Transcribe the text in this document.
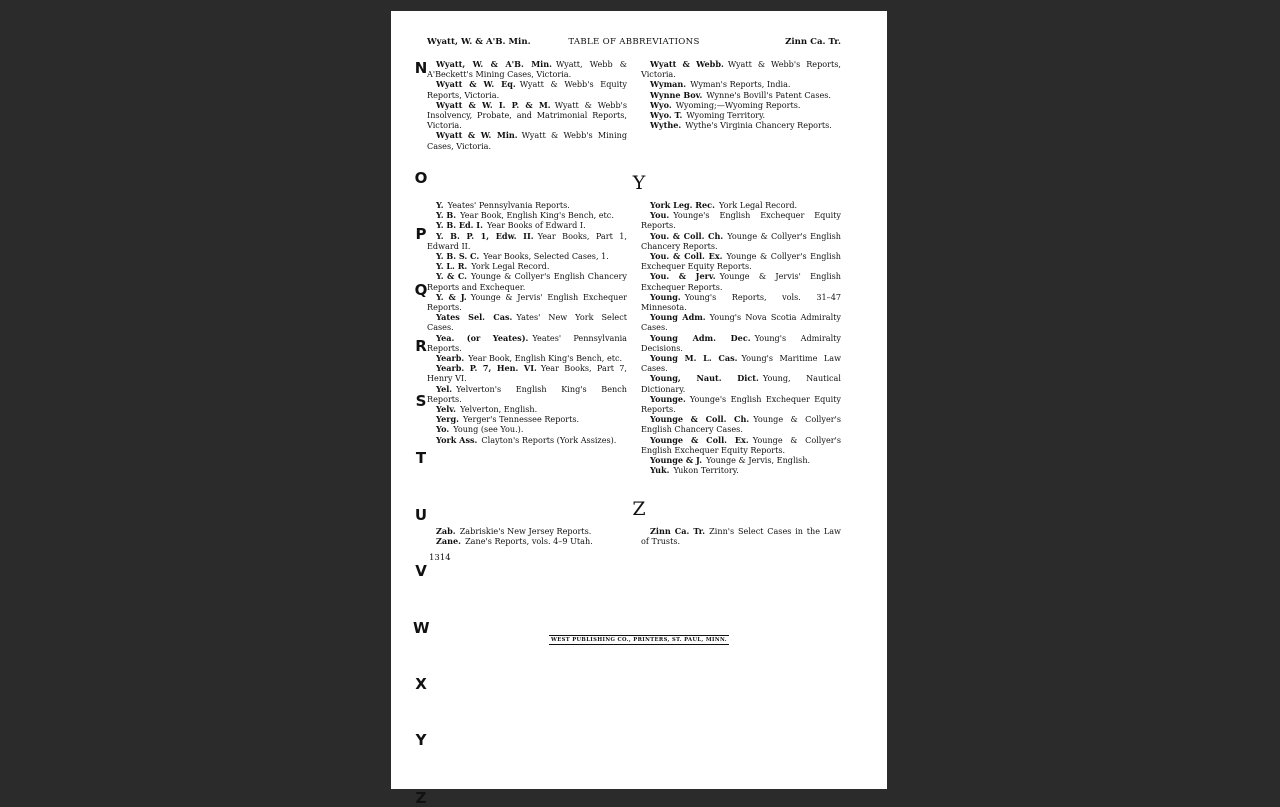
Wyatt, W. & A'B. Min.	TABLE OF ABBREVIATIONS	Zinn Ca. Tr.
N
O
P
Q
R
S
T
U
V
W
X
Y
Z

Wyatt, W. & A'B. Min.  Wyatt, Webb & A'Beckett's Mining Cases, Victoria.

Wyatt & W. Eq.  Wyatt & Webb's Equity Reports, Victoria.

Wyatt & W. I. P. & M.  Wyatt & Webb's Insolvency, Probate, and Matrimonial Reports, Victoria.

Wyatt & W. Min.  Wyatt & Webb's Mining Cases, Victoria.

Wyatt & Webb.  Wyatt & Webb's Reports, Victoria.

Wyman.  Wyman's Reports, India.

Wynne Bov.  Wynne's Bovill's Patent Cases.

Wyo.  Wyoming;—Wyoming Reports.

Wyo. T.  Wyoming Territory.

Wythe.  Wythe's Virginia Chancery Reports.

Y

Y.  Yeates' Pennsylvania Reports.

Y. B.  Year Book, English King's Bench, etc.

Y. B. Ed. I.  Year Books of Edward I.

Y. B. P. 1, Edw. II.  Year Books, Part 1, Edward II.

Y. B. S. C.  Year Books, Selected Cases, 1.

Y. L. R.  York Legal Record.

Y. & C.  Younge & Collyer's English Chancery Reports and Exchequer.

Y. & J.  Younge & Jervis' English Exchequer Reports.

Yates Sel. Cas.  Yates' New York Select Cases.

Yea. (or Yeates).  Yeates' Pennsylvania Reports.

Yearb.  Year Book, English King's Bench, etc.

Yearb. P. 7, Hen. VI.  Year Books, Part 7, Henry VI.

Yel.  Yelverton's English King's Bench Reports.

Yelv.  Yelverton, English.

Yerg.  Yerger's Tennessee Reports.

Yo.  Young (see You.).

York Ass.  Clayton's Reports (York Assizes).

York Leg. Rec.  York Legal Record.

You.  Younge's English Exchequer Equity Reports.

You. & Coll. Ch.  Younge & Collyer's English Chancery Reports.

You. & Coll. Ex.  Younge & Collyer's English Exchequer Equity Reports.

You. & Jerv.  Younge & Jervis' English Exchequer Reports.

Young.  Young's Reports, vols. 31–47 Minnesota.

Young Adm.  Young's Nova Scotia Admiralty Cases.

Young Adm. Dec.  Young's Admiralty Decisions.

Young M. L. Cas.  Young's Maritime Law Cases.

Young, Naut. Dict.  Young, Nautical Dictionary.

Younge.  Younge's English Exchequer Equity Reports.

Younge & Coll. Ch.  Younge & Collyer's English Chancery Cases.

Younge & Coll. Ex.  Younge & Collyer's English Exchequer Equity Reports.

Younge & J.  Younge & Jervis, English.

Yuk.  Yukon Territory.

Z

Zab.  Zabriskie's New Jersey Reports.

Zane.  Zane's Reports, vols. 4–9 Utah.

Zinn Ca. Tr.  Zinn's Select Cases in the Law of Trusts.

1314
WEST PUBLISHING CO., PRINTERS, ST. PAUL, MINN.
